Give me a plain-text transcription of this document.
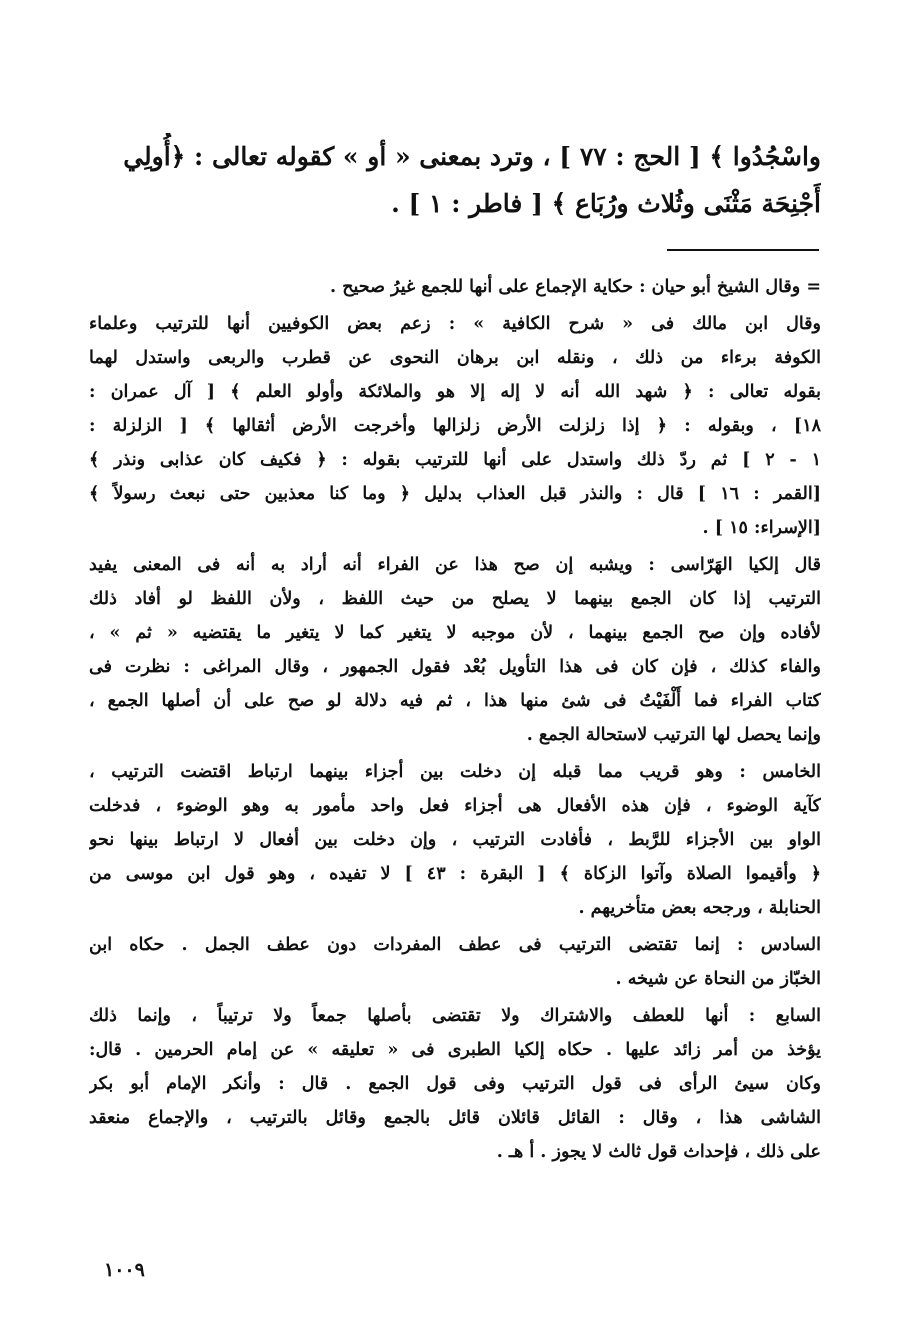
واسْجُدُوا ﴾ [ الحج : ٧٧ ] ، وترد بمعنى « أو » كقوله تعالى : ﴿أُولِي
أَجْنِحَة مَثْنَى وثُلاث ورُبَاع ﴾ [ فاطر : ١ ] .
= وقال الشيخ أبو حيان : حكاية الإجماع على أنها للجمع غيرُ صحيح .
وقال ابن مالك فى « شرح الكافية » : زعم بعض الكوفيين أنها للترتيب وعلماء
الكوفة برءاء من ذلك ، ونقله ابن برهان النحوى عن قطرب والربعى واستدل لهما
بقوله تعالى : ﴿ شهد الله أنه لا إله إلا هو والملائكة وأولو العلم ﴾ [ آل عمران :
١٨] ، وبقوله : ﴿ إذا زلزلت الأرض زلزالها وأخرجت الأرض أثقالها ﴾ [ الزلزلة :
١ - ٢ ] ثم ردّ ذلك واستدل على أنها للترتيب بقوله : ﴿ فكيف كان عذابى ونذر ﴾
[القمر : ١٦ ] قال : والنذر قبل العذاب بدليل ﴿ وما كنا معذبين حتى نبعث رسولاً ﴾
[الإسراء: ١٥ ] .
قال إلكيا الهَرّاسى : ويشبه إن صح هذا عن الفراء أنه أراد به أنه فى المعنى يفيد
الترتيب إذا كان الجمع بينهما لا يصلح من حيث اللفظ ، ولأن اللفظ لو أفاد ذلك
لأفاده وإن صح الجمع بينهما ، لأن موجبه لا يتغير كما لا يتغير ما يقتضيه « ثم » ،
والفاء كذلك ، فإن كان فى هذا التأويل بُعْد فقول الجمهور ، وقال المراغى : نظرت فى
كتاب الفراء فما أَلْفَيْتُ فى شئ منها هذا ، ثم فيه دلالة لو صح على أن أصلها الجمع ،
وإنما يحصل لها الترتيب لاستحالة الجمع .
الخامس : وهو قريب مما قبله إن دخلت بين أجزاء بينهما ارتباط اقتضت الترتيب ،
كآية الوضوء ، فإن هذه الأفعال هى أجزاء فعل واحد مأمور به وهو الوضوء ، فدخلت
الواو بين الأجزاء للرَّبط ، فأفادت الترتيب ، وإن دخلت بين أفعال لا ارتباط بينها نحو
﴿ وأقيموا الصلاة وآتوا الزكاة ﴾ [ البقرة : ٤٣ ] لا تفيده ، وهو قول ابن موسى من
الحنابلة ، ورجحه بعض متأخريهم .
السادس : إنما تقتضى الترتيب فى عطف المفردات دون عطف الجمل . حكاه ابن
الخبّاز من النحاة عن شيخه .
السابع : أنها للعطف والاشتراك ولا تقتضى بأصلها جمعاً ولا ترتيباً ، وإنما ذلك
يؤخذ من أمر زائد عليها . حكاه إلكيا الطبرى فى « تعليقه » عن إمام الحرمين . قال:
وكان سيئ الرأى فى قول الترتيب وفى قول الجمع . قال : وأنكر الإمام أبو بكر
الشاشى هذا ، وقال : القائل قائلان قائل بالجمع وقائل بالترتيب ، والإجماع منعقد
على ذلك ، فإحداث قول ثالث لا يجوز . أ هـ .
١٠٠٩
